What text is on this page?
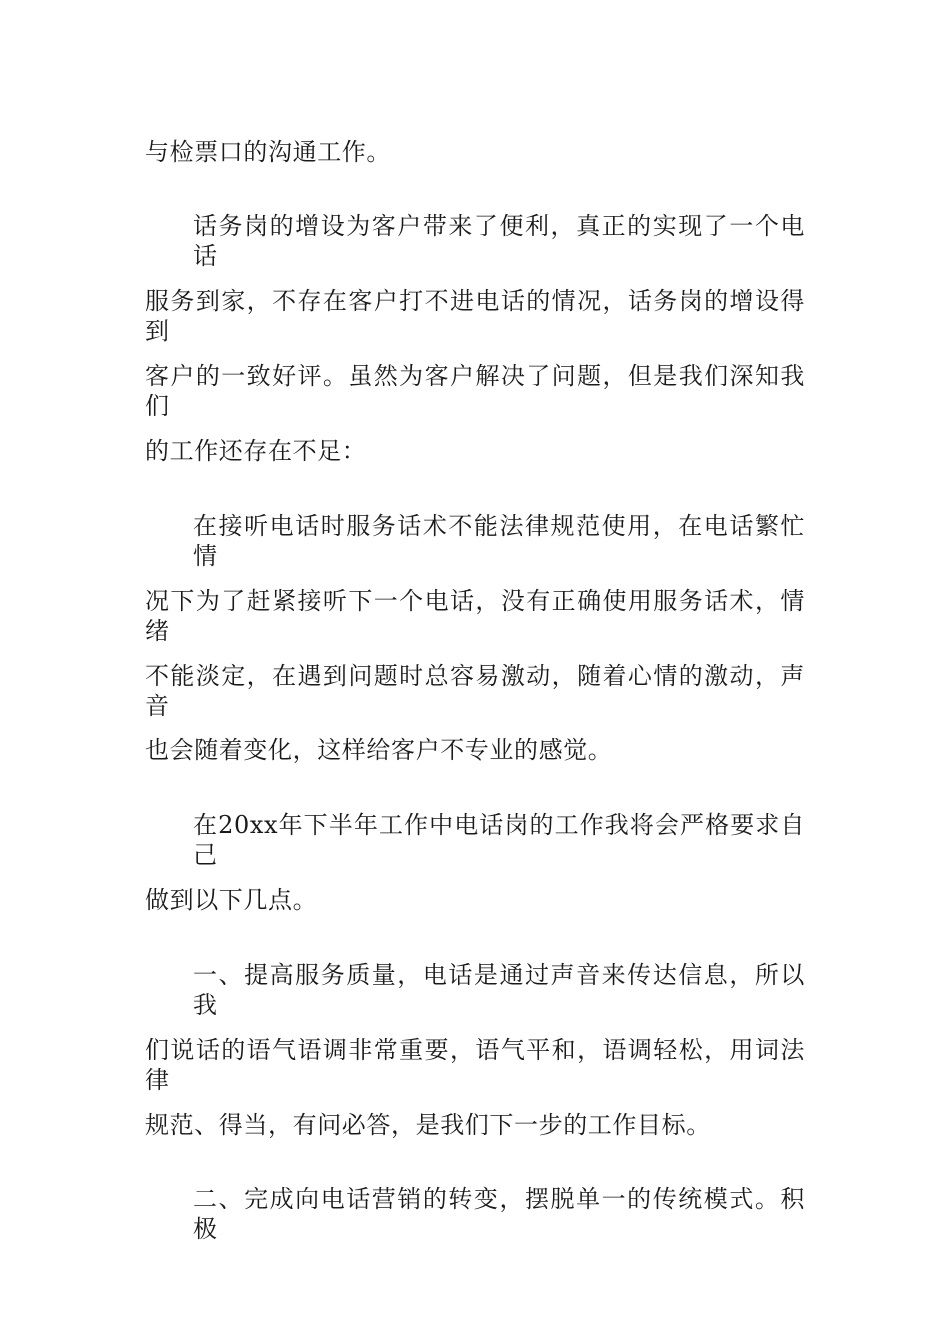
与检票口的沟通工作。
话务岗的增设为客户带来了便利，真正的实现了一个电话
服务到家，不存在客户打不进电话的情况，话务岗的增设得到
客户的一致好评。虽然为客户解决了问题，但是我们深知我们
的工作还存在不足：
在接听电话时服务话术不能法律规范使用，在电话繁忙情
况下为了赶紧接听下一个电话，没有正确使用服务话术，情绪
不能淡定，在遇到问题时总容易激动，随着心情的激动，声音
也会随着变化，这样给客户不专业的感觉。
在20xx年下半年工作中电话岗的工作我将会严格要求自己
做到以下几点。
一、提高服务质量，电话是通过声音来传达信息，所以我
们说话的语气语调非常重要，语气平和，语调轻松，用词法律
规范、得当，有问必答，是我们下一步的工作目标。
二、完成向电话营销的转变，摆脱单一的传统模式。积极
